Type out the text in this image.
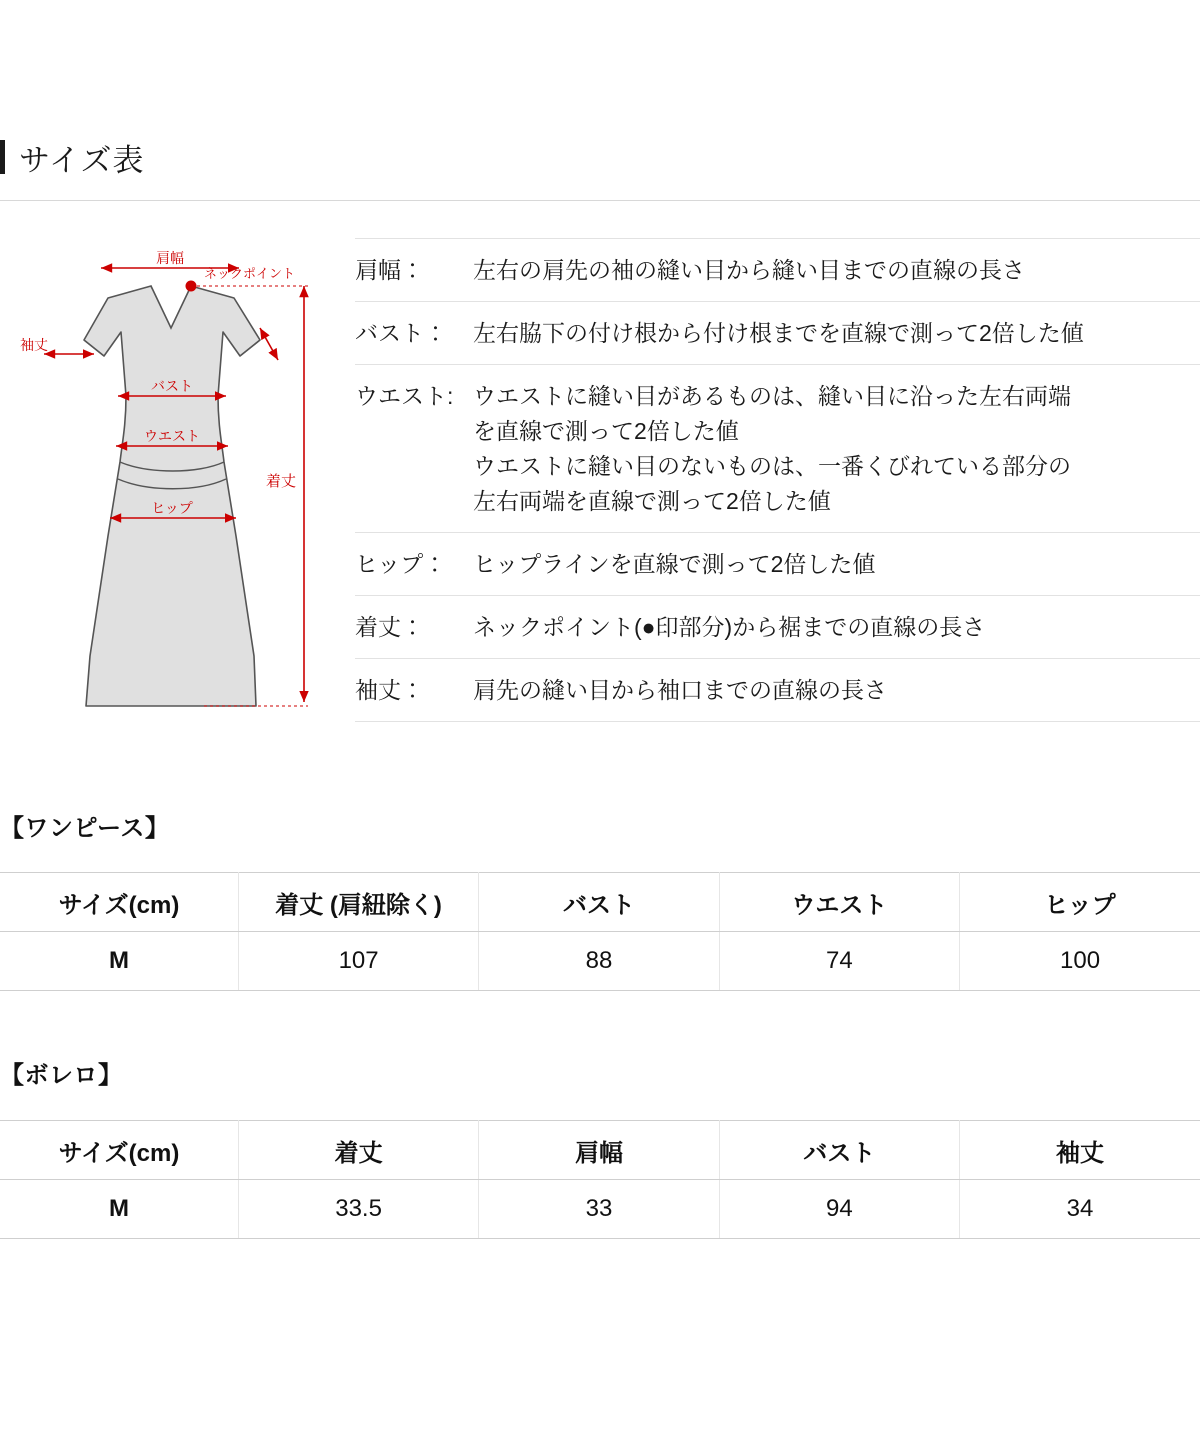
サイズ表
肩幅
ネックポイント
袖丈
バスト
ウエスト
ヒップ
着丈
肩幅：	左右の肩先の袖の縫い目から縫い目までの直線の長さ
バスト：	左右脇下の付け根から付け根までを直線で測って2倍した値
ウエスト: ウエストに縫い目があるものは、縫い目に沿った左右両端
を直線で測って2倍した値
ウエストに縫い目のないものは、一番くびれている部分の
左右両端を直線で測って2倍した値
ヒップ：	ヒップラインを直線で測って2倍した値
着丈：	ネックポイント(●印部分)から裾までの直線の長さ
袖丈：	肩先の縫い目から袖口までの直線の長さ
【ワンピース】
サイズ(cm)	着丈 (肩紐除く)	バスト	ウエスト	ヒップ
M	107	88	74	100
【ボレロ】
サイズ(cm)	着丈	肩幅	バスト	袖丈
M	33.5	33	94	34
